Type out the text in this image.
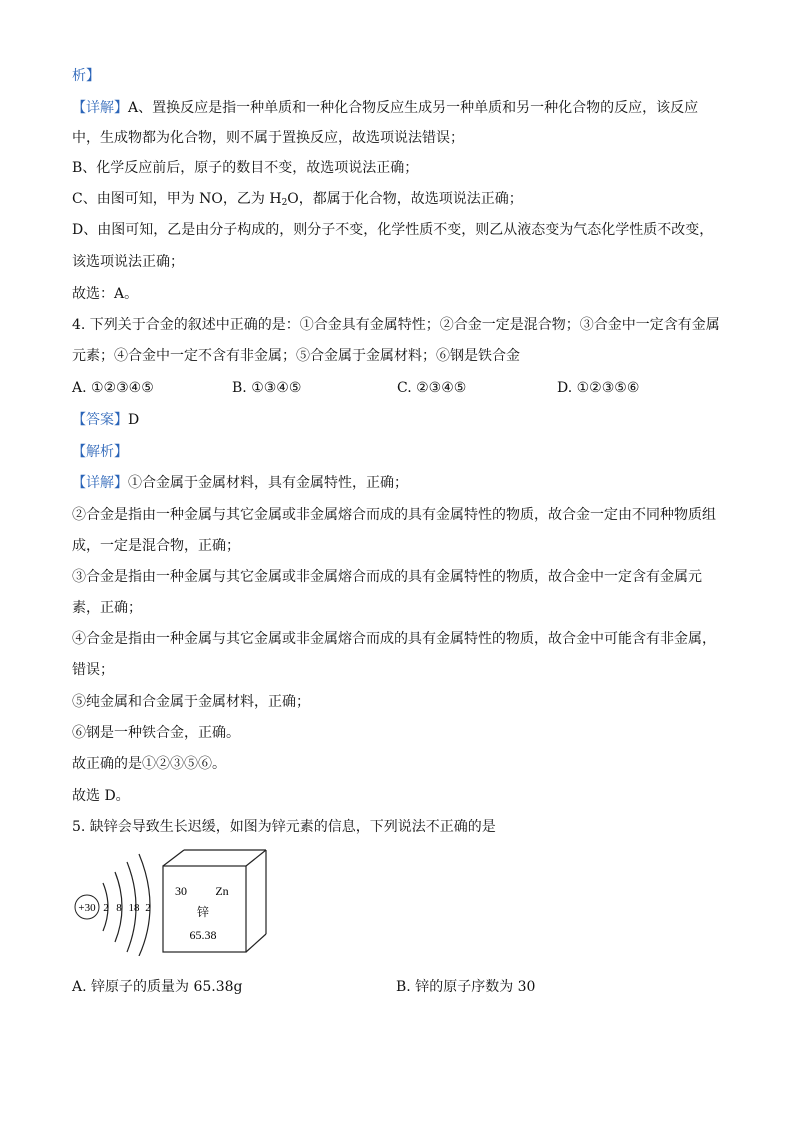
析】
【详解】A、置换反应是指一种单质和一种化合物反应生成另一种单质和另一种化合物的反应，该反应
中，生成物都为化合物，则不属于置换反应，故选项说法错误；
B、化学反应前后，原子的数目不变，故选项说法正确；
C、由图可知，甲为 NO，乙为 $H_2O$，都属于化合物，故选项说法正确；
D、由图可知，乙是由分子构成的，则分子不变，化学性质不变，则乙从液态变为气态化学性质不改变，
该选项说法正确；
故选：A。
4. 下列关于合金的叙述中正确的是：①合金具有金属特性；②合金一定是混合物；③合金中一定含有金属
元素；④合金中一定不含有非金属；⑤合金属于金属材料；⑥钢是铁合金
A. ①②③④⑤	B. ①③④⑤	C. ②③④⑤	D. ①②③⑤⑥
【答案】D
【解析】
【详解】①合金属于金属材料，具有金属特性，正确；
②合金是指由一种金属与其它金属或非金属熔合而成的具有金属特性的物质，故合金一定由不同种物质组
成，一定是混合物，正确；
③合金是指由一种金属与其它金属或非金属熔合而成的具有金属特性的物质，故合金中一定含有金属元
素，正确；
④合金是指由一种金属与其它金属或非金属熔合而成的具有金属特性的物质，故合金中可能含有非金属，
错误；
⑤纯金属和合金属于金属材料，正确；
⑥钢是一种铁合金，正确。
故正确的是①②③⑤⑥。
故选 D。
5. 缺锌会导致生长迟缓，如图为锌元素的信息，下列说法不正确的是
+30 2 8 18 2
30 Zn
锌
65.38
A. 锌原子的质量为 65.38g	B. 锌的原子序数为 30
